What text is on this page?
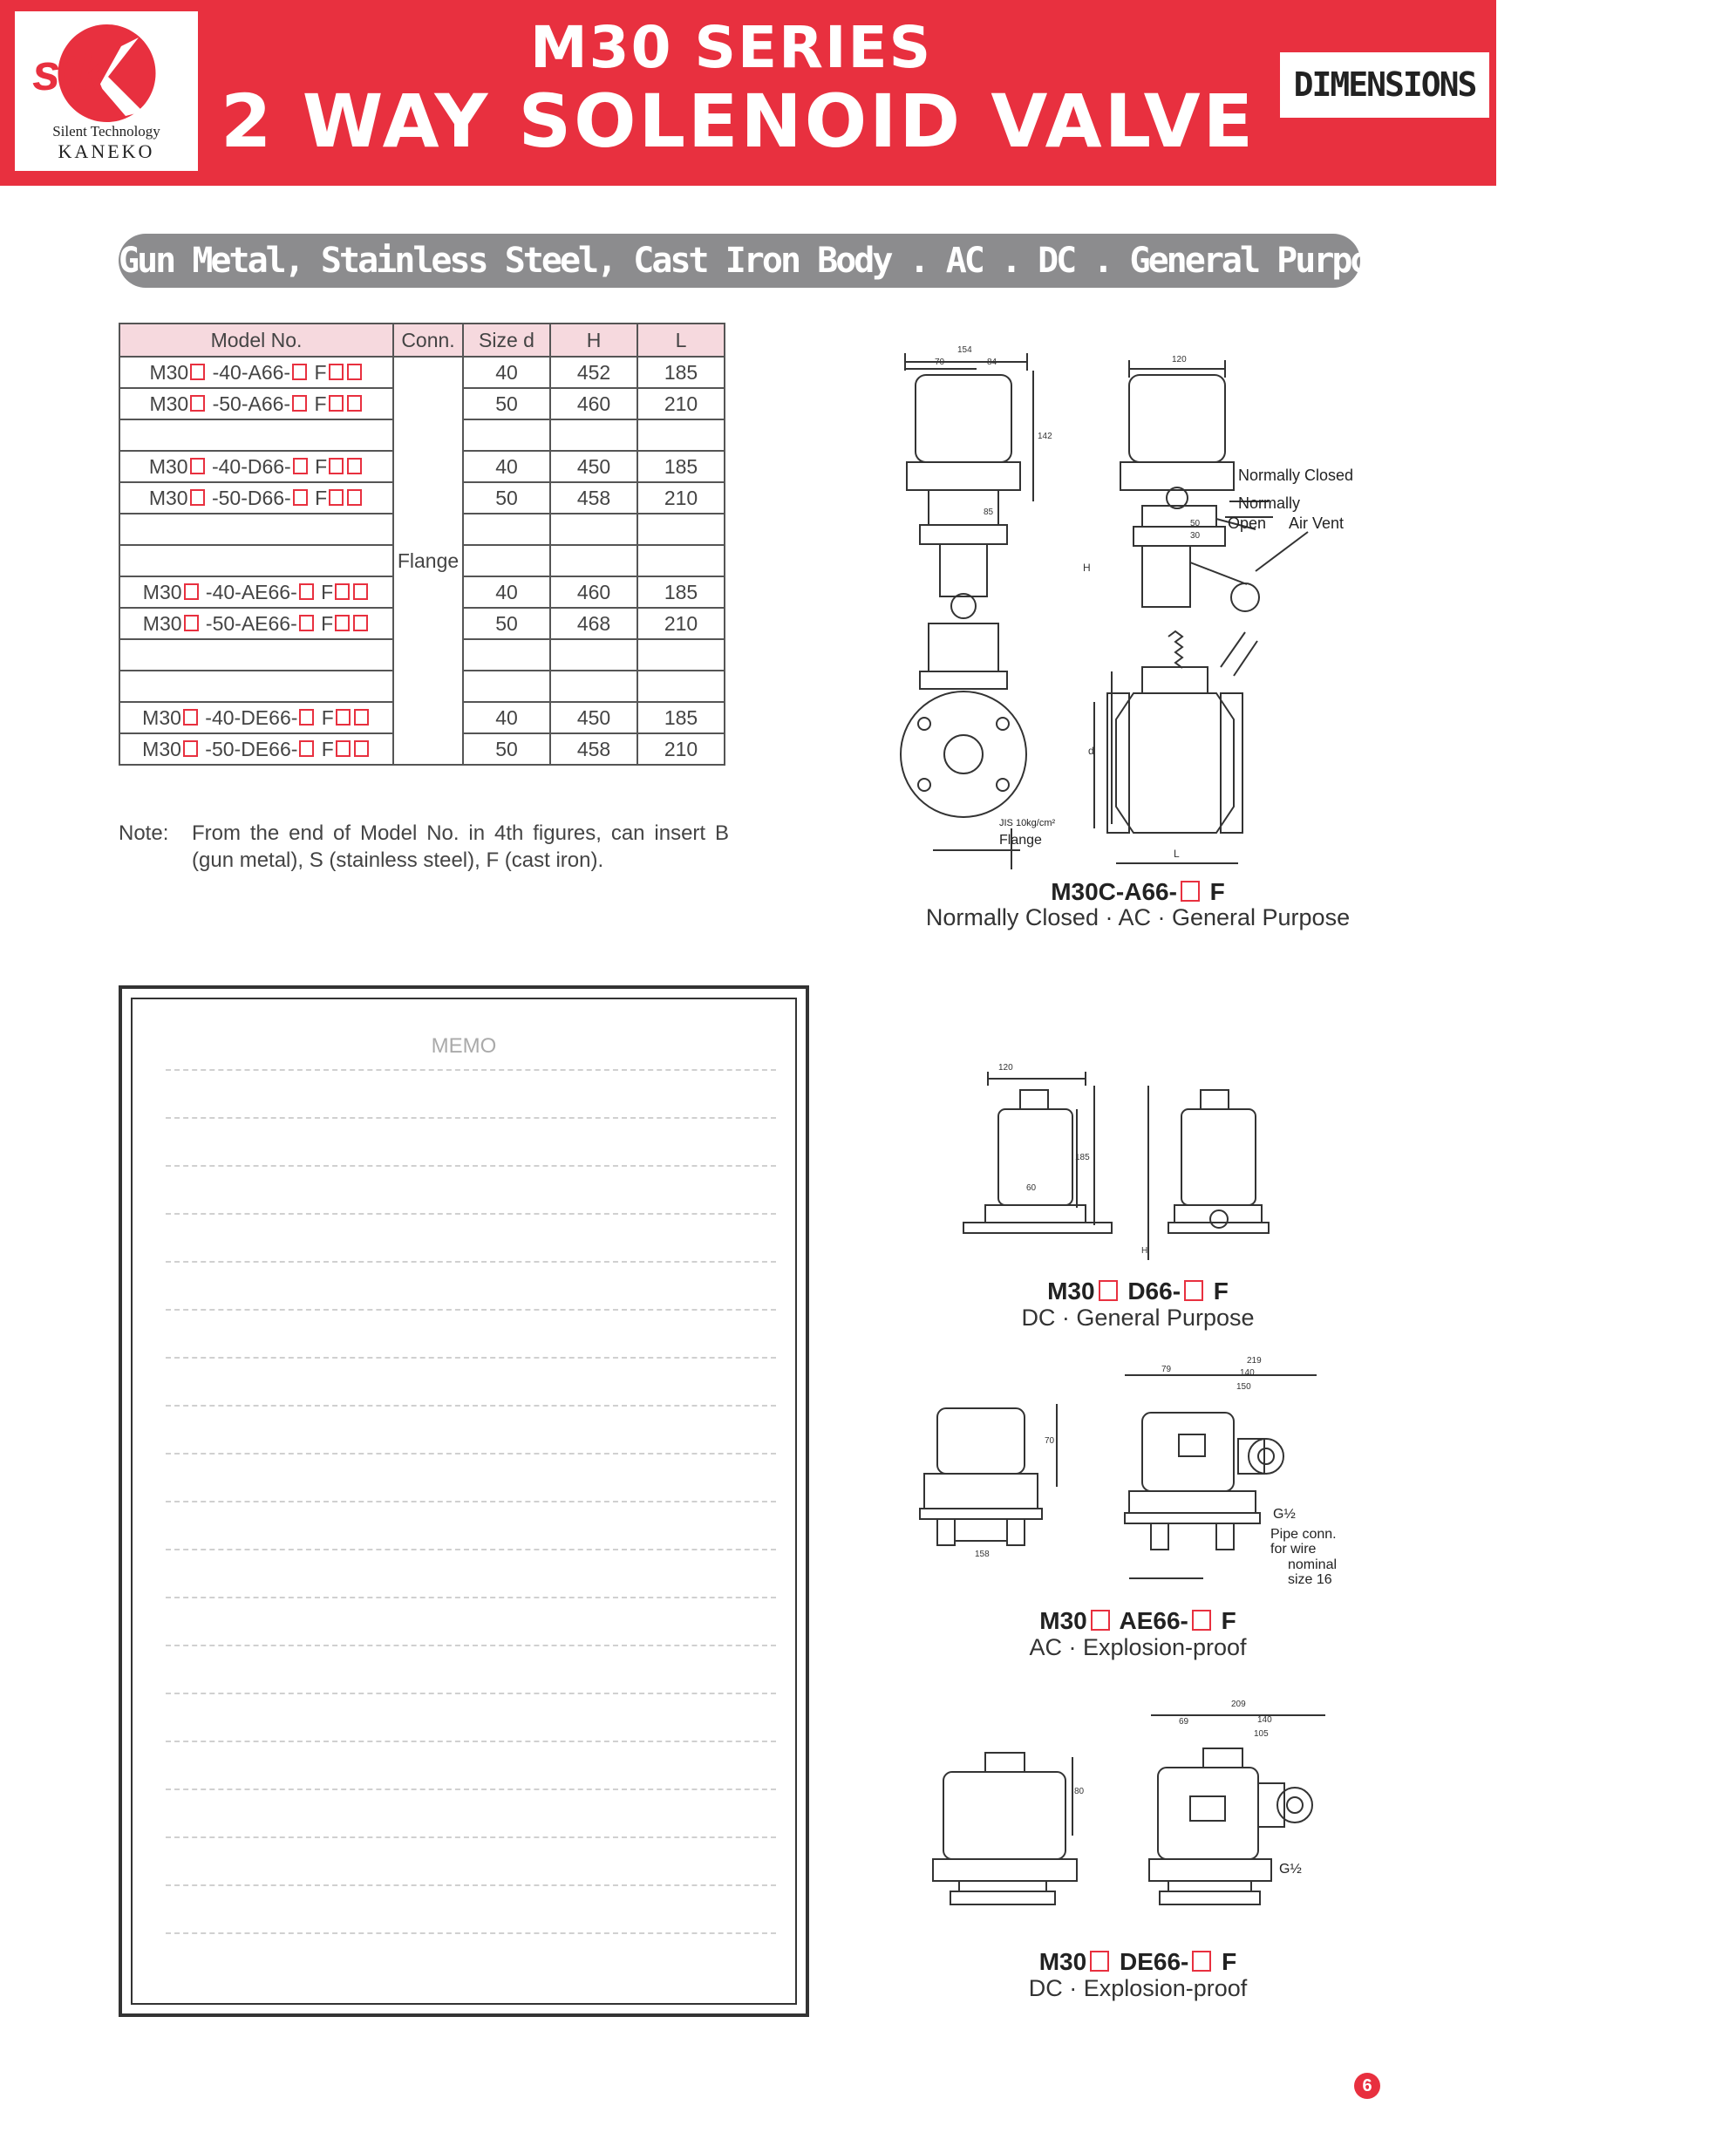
stk
Silent Technology
KANEKO
M30 SERIES
2 WAY SOLENOID VALVE	DIMENSIONS
Gun Metal, Stainless Steel, Cast Iron Body . AC . DC . General Purpose . Explosion-proof
Model No.	Conn.	Size d	H	L
M30 -40-A66- F	Flange	40	452	185
M30 -50-A66- F		50	460	210

M30 -40-D66- F		40	450	185
M30 -50-D66- F		50	458	210

M30 -40-AE66- F		40	460	185
M30 -50-AE66- F		50	468	210

M30 -40-DE66- F		40	450	185
M30 -50-DE66- F		50	458	210
Note: From the end of Model No. in 4th figures, can insert B (gun metal), S (stainless steel), F (cast iron).
MEMO
154
70	84	120
142
85
50
30
H
d
L
Normally Closed
Normally
Open Air Vent
JIS 10kg/cm²
Flange
M30C-A66- F
Normally Closed · AC · General Purpose
120
60
185
H
M30 D66- F
DC · General Purpose
219
79	140
150
70
158
G½
Pipe conn.
for wire
nominal
size 16
M30 AE66- F
AC · Explosion-proof
209
69	140
105
80
G½
M30 DE66- F
DC · Explosion-proof
6
